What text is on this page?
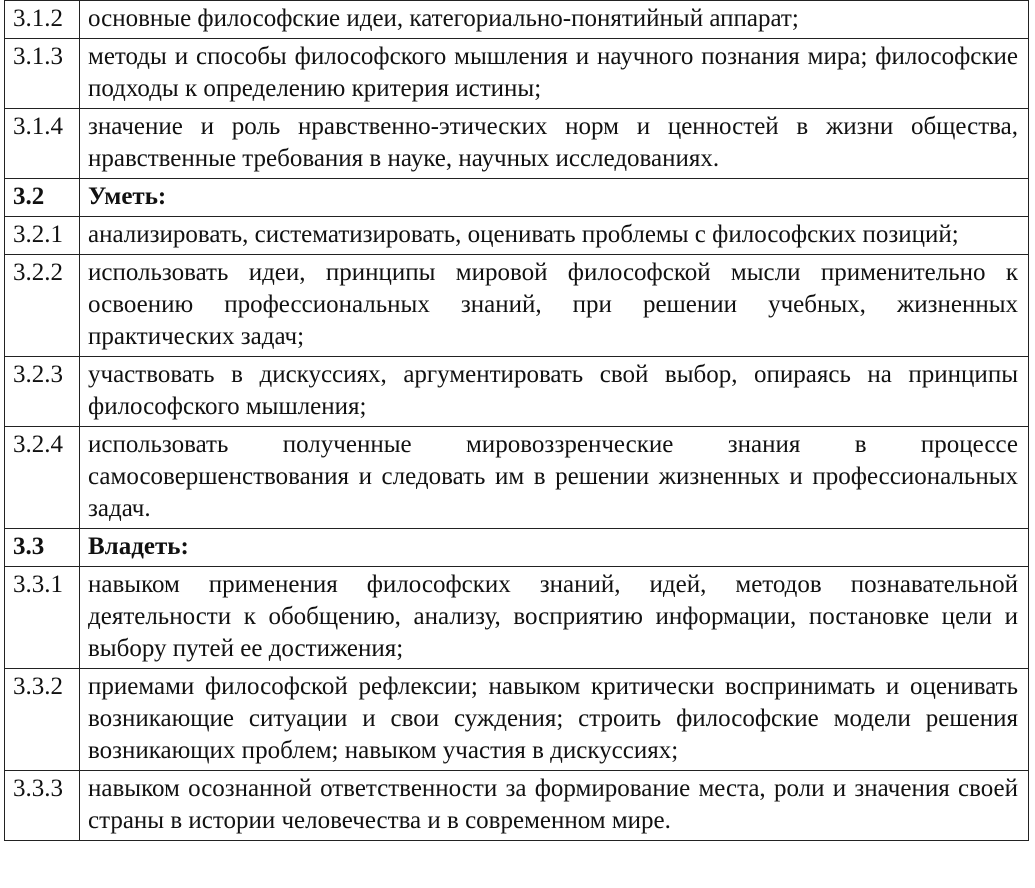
3.1.2	основные философские идеи, категориально-понятийный аппарат;
3.1.3	методы и способы философского мышления и научного познания мира; философские подходы к определению критерия истины;
3.1.4	значение и роль нравственно-этических норм и ценностей в жизни общества, нравственные требования в науке, научных исследованиях.
3.2	Уметь:
3.2.1	анализировать, систематизировать, оценивать проблемы с философских позиций;
3.2.2	использовать идеи, принципы мировой философской мысли применительно к освоению профессиональных знаний, при решении учебных, жизненных практических задач;
3.2.3	участвовать в дискуссиях, аргументировать свой выбор, опираясь на принципы философского мышления;
3.2.4	использовать полученные мировоззренческие знания в процессе самосовершенствования и следовать им в решении жизненных и профессиональных задач.
3.3	Владеть:
3.3.1	навыком применения философских знаний, идей, методов познавательной деятельности к обобщению, анализу, восприятию информации, постановке цели и выбору путей ее достижения;
3.3.2	приемами философской рефлексии; навыком критически воспринимать и оценивать возникающие ситуации и свои суждения; строить философские модели решения возникающих проблем; навыком участия в дискуссиях;
3.3.3	навыком осознанной ответственности за формирование места, роли и значения своей страны в истории человечества и в современном мире.
